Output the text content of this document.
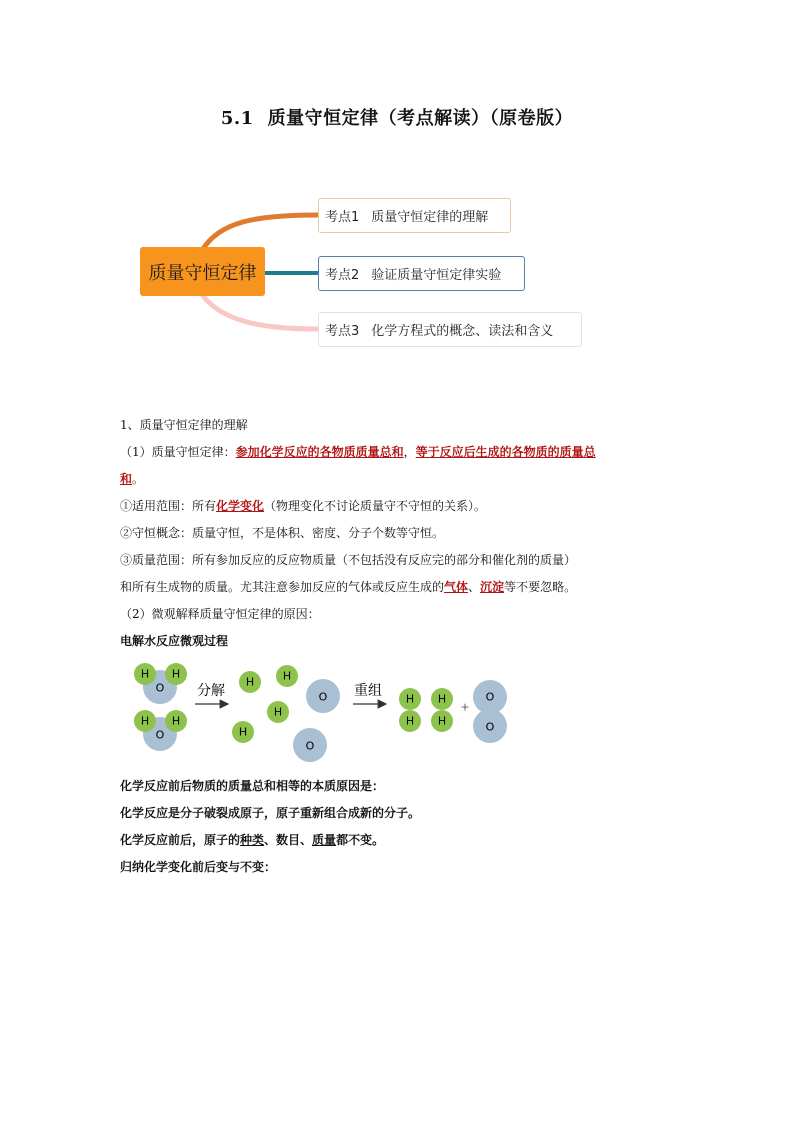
5.1 质量守恒定律（考点解读）（原卷版）
质量守恒定律
考点1 质量守恒定律的理解
考点2 验证质量守恒定律实验
考点3 化学方程式的概念、读法和含义
1、质量守恒定律的理解
（1）质量守恒定律：参加化学反应的各物质质量总和，等于反应后生成的各物质的质量总
和。
①适用范围：所有化学变化（物理变化不讨论质量守不守恒的关系）。
②守恒概念：质量守恒，不是体积、密度、分子个数等守恒。
③质量范围：所有参加反应的反应物质量（不包括没有反应完的部分和催化剂的质量）
和所有生成物的质量。尤其注意参加反应的气体或反应生成的气体、沉淀等不要忽略。
（2）微观解释质量守恒定律的原因：
电解水反应微观过程
O
H H
O
H H
分解
H	H
H
H
O
O
重组 H H
H H
+
O
O
化学反应前后物质的质量总和相等的本质原因是：
化学反应是分子破裂成原子，原子重新组合成新的分子。
化学反应前后，原子的种类、数目、质量都不变。
归纳化学变化前后变与不变：
